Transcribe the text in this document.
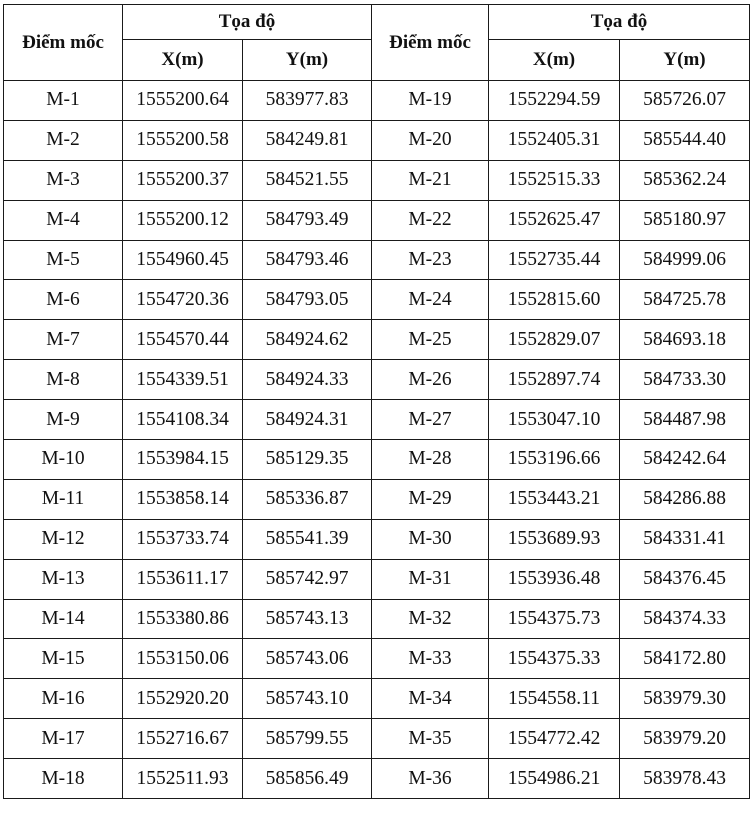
Điểm mốc	Tọa độ		Điểm mốc	Tọa độ	
	X(m)	Y(m)		X(m)	Y(m)
M-1	1555200.64	583977.83	M-19	1552294.59	585726.07
M-2	1555200.58	584249.81	M-20	1552405.31	585544.40
M-3	1555200.37	584521.55	M-21	1552515.33	585362.24
M-4	1555200.12	584793.49	M-22	1552625.47	585180.97
M-5	1554960.45	584793.46	M-23	1552735.44	584999.06
M-6	1554720.36	584793.05	M-24	1552815.60	584725.78
M-7	1554570.44	584924.62	M-25	1552829.07	584693.18
M-8	1554339.51	584924.33	M-26	1552897.74	584733.30
M-9	1554108.34	584924.31	M-27	1553047.10	584487.98
M-10	1553984.15	585129.35	M-28	1553196.66	584242.64
M-11	1553858.14	585336.87	M-29	1553443.21	584286.88
M-12	1553733.74	585541.39	M-30	1553689.93	584331.41
M-13	1553611.17	585742.97	M-31	1553936.48	584376.45
M-14	1553380.86	585743.13	M-32	1554375.73	584374.33
M-15	1553150.06	585743.06	M-33	1554375.33	584172.80
M-16	1552920.20	585743.10	M-34	1554558.11	583979.30
M-17	1552716.67	585799.55	M-35	1554772.42	583979.20
M-18	1552511.93	585856.49	M-36	1554986.21	583978.43
